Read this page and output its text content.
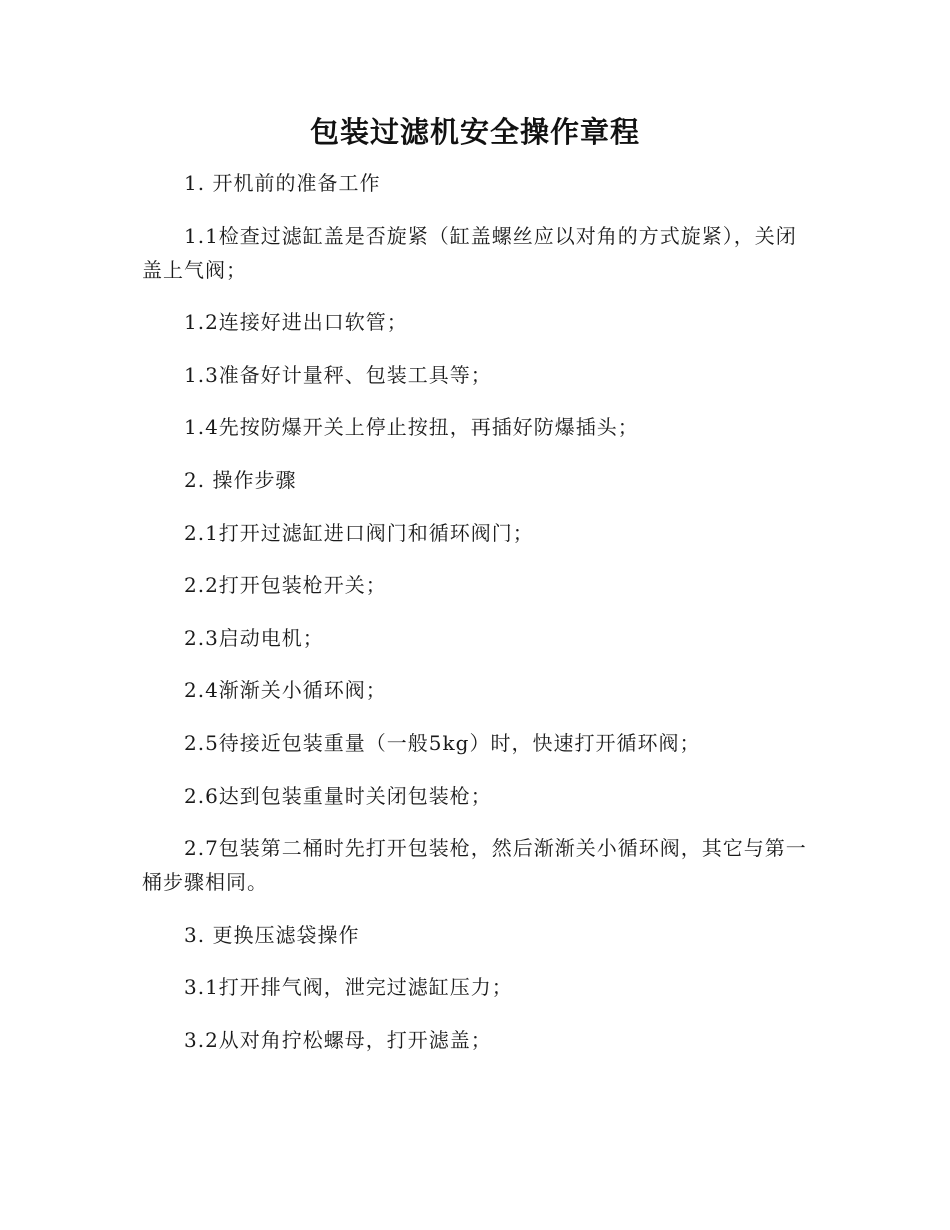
包装过滤机安全操作章程

1. 开机前的准备工作

1.1检查过滤缸盖是否旋紧（缸盖螺丝应以对角的方式旋紧），关闭盖上气阀；

1.2连接好进出口软管；

1.3准备好计量秤、包装工具等；

1.4先按防爆开关上停止按扭，再插好防爆插头；

2. 操作步骤

2.1打开过滤缸进口阀门和循环阀门；

2.2打开包装枪开关；

2.3启动电机；

2.4渐渐关小循环阀；

2.5待接近包装重量（一般5kg）时，快速打开循环阀；

2.6达到包装重量时关闭包装枪；

2.7包装第二桶时先打开包装枪，然后渐渐关小循环阀，其它与第一桶步骤相同。

3. 更换压滤袋操作

3.1打开排气阀，泄完过滤缸压力；

3.2从对角拧松螺母，打开滤盖；
